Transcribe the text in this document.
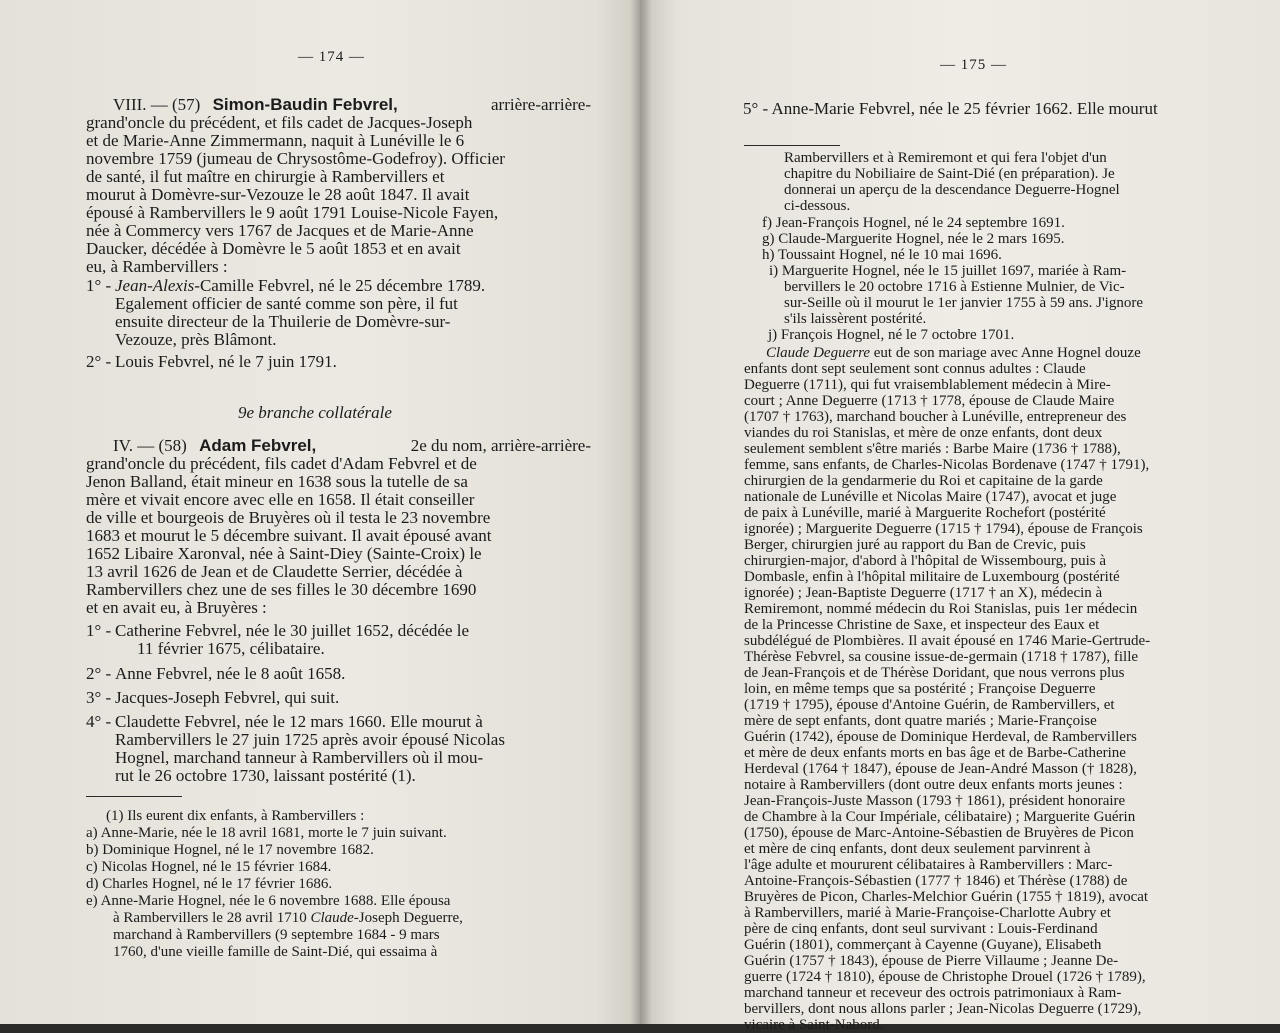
— 174 —
VIII. — (57) Simon-Baudin Febvrel,	arrière-arrière-
grand'oncle du précédent, et fils cadet de Jacques-Joseph
et de Marie-Anne Zimmermann, naquit à Lunéville le 6
novembre 1759 (jumeau de Chrysostôme-Godefroy). Officier
de santé, il fut maître en chirurgie à Rambervillers et
mourut à Domèvre-sur-Vezouze le 28 août 1847. Il avait
épousé à Rambervillers le 9 août 1791 Louise-Nicole Fayen,
née à Commercy vers 1767 de Jacques et de Marie-Anne
Daucker, décédée à Domèvre le 5 août 1853 et en avait
eu, à Rambervillers :
1° - Jean-Alexis-Camille Febvrel, né le 25 décembre 1789.
Egalement officier de santé comme son père, il fut
ensuite directeur de la Thuilerie de Domèvre-sur-
Vezouze, près Blâmont.
2° - Louis Febvrel, né le 7 juin 1791.
9e branche collatérale
IV. — (58) Adam Febvrel,	2e du nom, arrière-arrière-
grand'oncle du précédent, fils cadet d'Adam Febvrel et de
Jenon Balland, était mineur en 1638 sous la tutelle de sa
mère et vivait encore avec elle en 1658. Il était conseiller
de ville et bourgeois de Bruyères où il testa le 23 novembre
1683 et mourut le 5 décembre suivant. Il avait épousé avant
1652 Libaire Xaronval, née à Saint-Diey (Sainte-Croix) le
13 avril 1626 de Jean et de Claudette Serrier, décédée à
Rambervillers chez une de ses filles le 30 décembre 1690
et en avait eu, à Bruyères :
1° - Catherine Febvrel, née le 30 juillet 1652, décédée le
11 février 1675, célibataire.
2° - Anne Febvrel, née le 8 août 1658.
3° - Jacques-Joseph Febvrel, qui suit.
4° - Claudette Febvrel, née le 12 mars 1660. Elle mourut à
Rambervillers le 27 juin 1725 après avoir épousé Nicolas
Hognel, marchand tanneur à Rambervillers où il mou-
rut le 26 octobre 1730, laissant postérité (1).
(1) Ils eurent dix enfants, à Rambervillers :
a) Anne-Marie, née le 18 avril 1681, morte le 7 juin suivant.
b) Dominique Hognel, né le 17 novembre 1682.
c) Nicolas Hognel, né le 15 février 1684.
d) Charles Hognel, né le 17 février 1686.
e) Anne-Marie Hognel, née le 6 novembre 1688. Elle épousa
à Rambervillers le 28 avril 1710 Claude-Joseph Deguerre,
marchand à Rambervillers (9 septembre 1684 - 9 mars
1760, d'une vieille famille de Saint-Dié, qui essaima à
— 175 —
5° - Anne-Marie Febvrel, née le 25 février 1662. Elle mourut
Rambervillers et à Remiremont et qui fera l'objet d'un
chapitre du Nobiliaire de Saint-Dié (en préparation). Je
donnerai un aperçu de la descendance Deguerre-Hognel
ci-dessous.
f) Jean-François Hognel, né le 24 septembre 1691.
g) Claude-Marguerite Hognel, née le 2 mars 1695.
h) Toussaint Hognel, né le 10 mai 1696.
i) Marguerite Hognel, née le 15 juillet 1697, mariée à Ram-
bervillers le 20 octobre 1716 à Estienne Mulnier, de Vic-
sur-Seille où il mourut le 1er janvier 1755 à 59 ans. J'ignore
s'ils laissèrent postérité.
j) François Hognel, né le 7 octobre 1701.
Claude Deguerre eut de son mariage avec Anne Hognel douze
enfants dont sept seulement sont connus adultes : Claude
Deguerre (1711), qui fut vraisemblablement médecin à Mire-
court ; Anne Deguerre (1713 † 1778, épouse de Claude Maire
(1707 † 1763), marchand boucher à Lunéville, entrepreneur des
viandes du roi Stanislas, et mère de onze enfants, dont deux
seulement semblent s'être mariés : Barbe Maire (1736 † 1788),
femme, sans enfants, de Charles-Nicolas Bordenave (1747 † 1791),
chirurgien de la gendarmerie du Roi et capitaine de la garde
nationale de Lunéville et Nicolas Maire (1747), avocat et juge
de paix à Lunéville, marié à Marguerite Rochefort (postérité
ignorée) ; Marguerite Deguerre (1715 † 1794), épouse de François
Berger, chirurgien juré au rapport du Ban de Crevic, puis
chirurgien-major, d'abord à l'hôpital de Wissembourg, puis à
Dombasle, enfin à l'hôpital militaire de Luxembourg (postérité
ignorée) ; Jean-Baptiste Deguerre (1717 † an X), médecin à
Remiremont, nommé médecin du Roi Stanislas, puis 1er médecin
de la Princesse Christine de Saxe, et inspecteur des Eaux et
subdélégué de Plombières. Il avait épousé en 1746 Marie-Gertrude-
Thérèse Febvrel, sa cousine issue-de-germain (1718 † 1787), fille
de Jean-François et de Thérèse Doridant, que nous verrons plus
loin, en même temps que sa postérité ; Françoise Deguerre
(1719 † 1795), épouse d'Antoine Guérin, de Rambervillers, et
mère de sept enfants, dont quatre mariés ; Marie-Françoise
Guérin (1742), épouse de Dominique Herdeval, de Rambervillers
et mère de deux enfants morts en bas âge et de Barbe-Catherine
Herdeval (1764 † 1847), épouse de Jean-André Masson († 1828),
notaire à Rambervillers (dont outre deux enfants morts jeunes :
Jean-François-Juste Masson (1793 † 1861), président honoraire
de Chambre à la Cour Impériale, célibataire) ; Marguerite Guérin
(1750), épouse de Marc-Antoine-Sébastien de Bruyères de Picon
et mère de cinq enfants, dont deux seulement parvinrent à
l'âge adulte et moururent célibataires à Rambervillers : Marc-
Antoine-François-Sébastien (1777 † 1846) et Thérèse (1788) de
Bruyères de Picon, Charles-Melchior Guérin (1755 † 1819), avocat
à Rambervillers, marié à Marie-Françoise-Charlotte Aubry et
père de cinq enfants, dont seul survivant : Louis-Ferdinand
Guérin (1801), commerçant à Cayenne (Guyane), Elisabeth
Guérin (1757 † 1843), épouse de Pierre Villaume ; Jeanne De-
guerre (1724 † 1810), épouse de Christophe Drouel (1726 † 1789),
marchand tanneur et receveur des octrois patrimoniaux à Ram-
bervillers, dont nous allons parler ; Jean-Nicolas Deguerre (1729),
vicaire à Saint-Nabord.
